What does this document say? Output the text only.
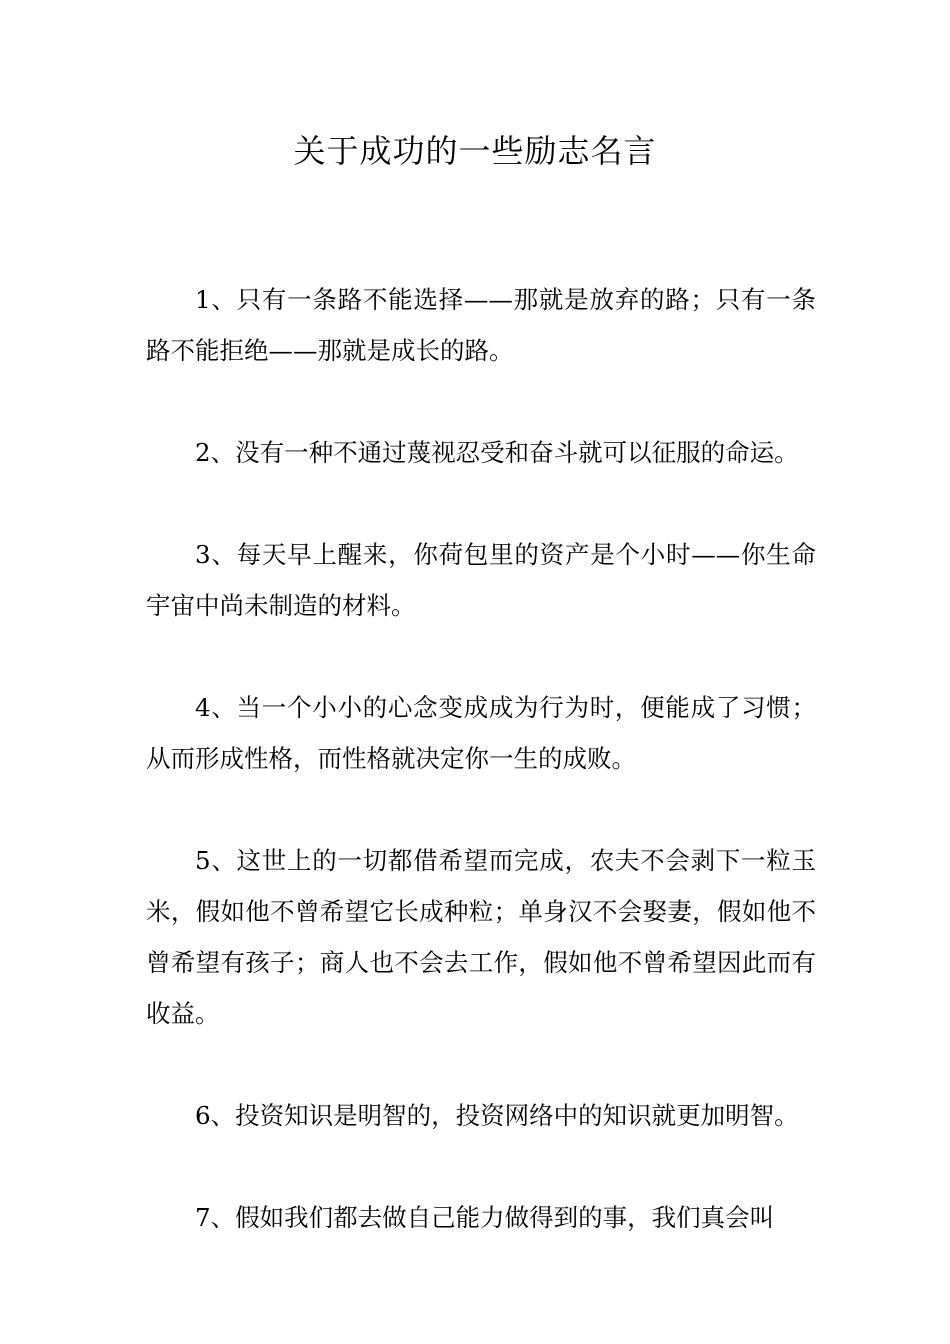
关于成功的一些励志名言

1、只有一条路不能选择——那就是放弃的路；只有一条路不能拒绝——那就是成长的路。

2、没有一种不通过蔑视忍受和奋斗就可以征服的命运。

3、每天早上醒来，你荷包里的资产是个小时——你生命宇宙中尚未制造的材料。

4、当一个小小的心念变成成为行为时，便能成了习惯；从而形成性格，而性格就决定你一生的成败。

5、这世上的一切都借希望而完成，农夫不会剥下一粒玉米，假如他不曾希望它长成种粒；单身汉不会娶妻，假如他不曾希望有孩子；商人也不会去工作，假如他不曾希望因此而有收益。

6、投资知识是明智的，投资网络中的知识就更加明智。

7、假如我们都去做自己能力做得到的事，我们真会叫
